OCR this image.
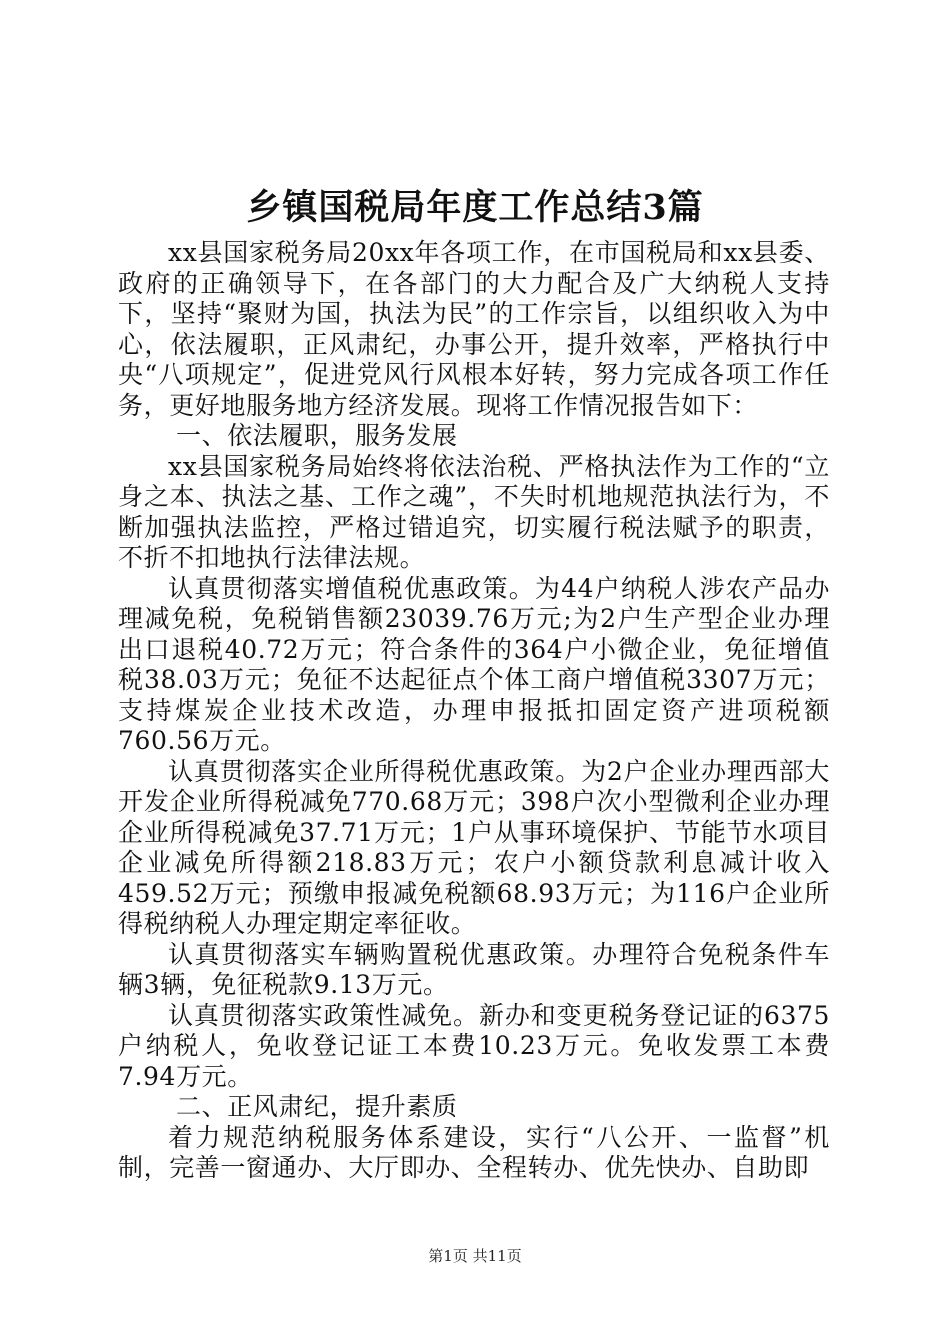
乡镇国税局年度工作总结3篇

xx县国家税务局20xx年各项工作，在市国税局和xx县委、政府的正确领导下，在各部门的大力配合及广大纳税人支持下，坚持“聚财为国，执法为民”的工作宗旨，以组织收入为中心，依法履职，正风肃纪，办事公开，提升效率，严格执行中央“八项规定”，促进党风行风根本好转，努力完成各项工作任务，更好地服务地方经济发展。现将工作情况报告如下：

一、依法履职，服务发展

xx县国家税务局始终将依法治税、严格执法作为工作的“立身之本、执法之基、工作之魂”，不失时机地规范执法行为，不断加强执法监控，严格过错追究，切实履行税法赋予的职责，不折不扣地执行法律法规。

认真贯彻落实增值税优惠政策。为44户纳税人涉农产品办理减免税，免税销售额23039.76万元;为2户生产型企业办理出口退税40.72万元；符合条件的364户小微企业，免征增值税38.03万元；免征不达起征点个体工商户增值税3307万元；支持煤炭企业技术改造，办理申报抵扣固定资产进项税额760.56万元。

认真贯彻落实企业所得税优惠政策。为2户企业办理西部大开发企业所得税减免770.68万元；398户次小型微利企业办理企业所得税减免37.71万元；1户从事环境保护、节能节水项目企业减免所得额218.83万元；农户小额贷款利息减计收入459.52万元；预缴申报减免税额68.93万元；为116户企业所得税纳税人办理定期定率征收。

认真贯彻落实车辆购置税优惠政策。办理符合免税条件车辆3辆，免征税款9.13万元。

认真贯彻落实政策性减免。新办和变更税务登记证的6375户纳税人，免收登记证工本费10.23万元。免收发票工本费7.94万元。

二、正风肃纪，提升素质

着力规范纳税服务体系建设，实行“八公开、一监督”机制，完善一窗通办、大厅即办、全程转办、优先快办、自助即

第1页 共11页
